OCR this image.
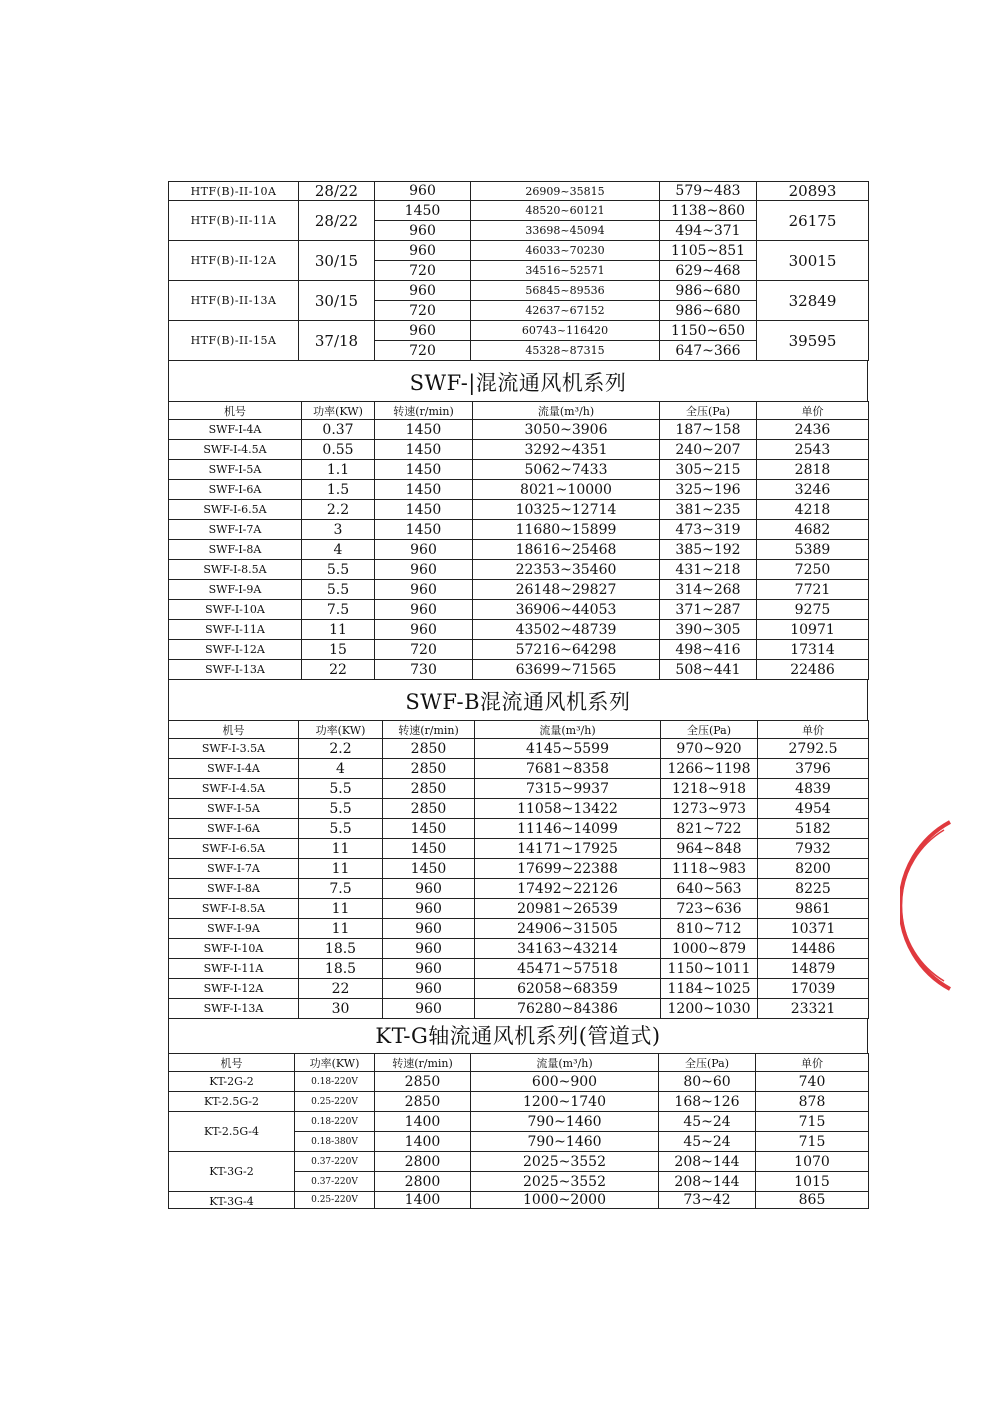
HTF(B)-II-10A	28/22	960	26909~35815	579~483	20893
HTF(B)-II-11A	28/22	1450	48520~60121	1138~860	26175
		960	33698~45094	494~371	
HTF(B)-II-12A	30/15	960	46033~70230	1105~851	30015
		720	34516~52571	629~468	
HTF(B)-II-13A	30/15	960	56845~89536	986~680	32849
		720	42637~67152	986~680	
HTF(B)-II-15A	37/18	960	60743~116420	1150~650	39595
		720	45328~87315	647~366	
SWF-|混流通风机系列
机号	功率(KW)	转速(r/min)	流量(m³/h)	全压(Pa)	单价
SWF-Ⅰ-4A	0.37	1450	3050~3906	187~158	2436
SWF-Ⅰ-4.5A	0.55	1450	3292~4351	240~207	2543
SWF-Ⅰ-5A	1.1	1450	5062~7433	305~215	2818
SWF-Ⅰ-6A	1.5	1450	8021~10000	325~196	3246
SWF-Ⅰ-6.5A	2.2	1450	10325~12714	381~235	4218
SWF-Ⅰ-7A	3	1450	11680~15899	473~319	4682
SWF-Ⅰ-8A	4	960	18616~25468	385~192	5389
SWF-Ⅰ-8.5A	5.5	960	22353~35460	431~218	7250
SWF-Ⅰ-9A	5.5	960	26148~29827	314~268	7721
SWF-Ⅰ-10A	7.5	960	36906~44053	371~287	9275
SWF-Ⅰ-11A	11	960	43502~48739	390~305	10971
SWF-Ⅰ-12A	15	720	57216~64298	498~416	17314
SWF-Ⅰ-13A	22	730	63699~71565	508~441	22486
SWF-B混流通风机系列
机号	功率(KW)	转速(r/min)	流量(m³/h)	全压(Pa)	单价
SWF-Ⅰ-3.5A	2.2	2850	4145~5599	970~920	2792.5
SWF-Ⅰ-4A	4	2850	7681~8358	1266~1198	3796
SWF-Ⅰ-4.5A	5.5	2850	7315~9937	1218~918	4839
SWF-Ⅰ-5A	5.5	2850	11058~13422	1273~973	4954
SWF-Ⅰ-6A	5.5	1450	11146~14099	821~722	5182
SWF-Ⅰ-6.5A	11	1450	14171~17925	964~848	7932
SWF-Ⅰ-7A	11	1450	17699~22388	1118~983	8200
SWF-Ⅰ-8A	7.5	960	17492~22126	640~563	8225
SWF-Ⅰ-8.5A	11	960	20981~26539	723~636	9861
SWF-Ⅰ-9A	11	960	24906~31505	810~712	10371
SWF-Ⅰ-10A	18.5	960	34163~43214	1000~879	14486
SWF-Ⅰ-11A	18.5	960	45471~57518	1150~1011	14879
SWF-Ⅰ-12A	22	960	62058~68359	1184~1025	17039
SWF-Ⅰ-13A	30	960	76280~84386	1200~1030	23321
KT-G轴流通风机系列(管道式)
机号	功率(KW)	转速(r/min)	流量(m³/h)	全压(Pa)	单价
KT-2G-2	0.18-220V	2850	600~900	80~60	740
KT-2.5G-2	0.25-220V	2850	1200~1740	168~126	878
KT-2.5G-4	0.18-220V	1400	790~1460	45~24	715
	0.18-380V	1400	790~1460	45~24	715
KT-3G-2	0.37-220V	2800	2025~3552	208~144	1070
	0.37-220V	2800	2025~3552	208~144	1015
KT-3G-4	0.25-220V	1400	1000~2000	73~42	865
